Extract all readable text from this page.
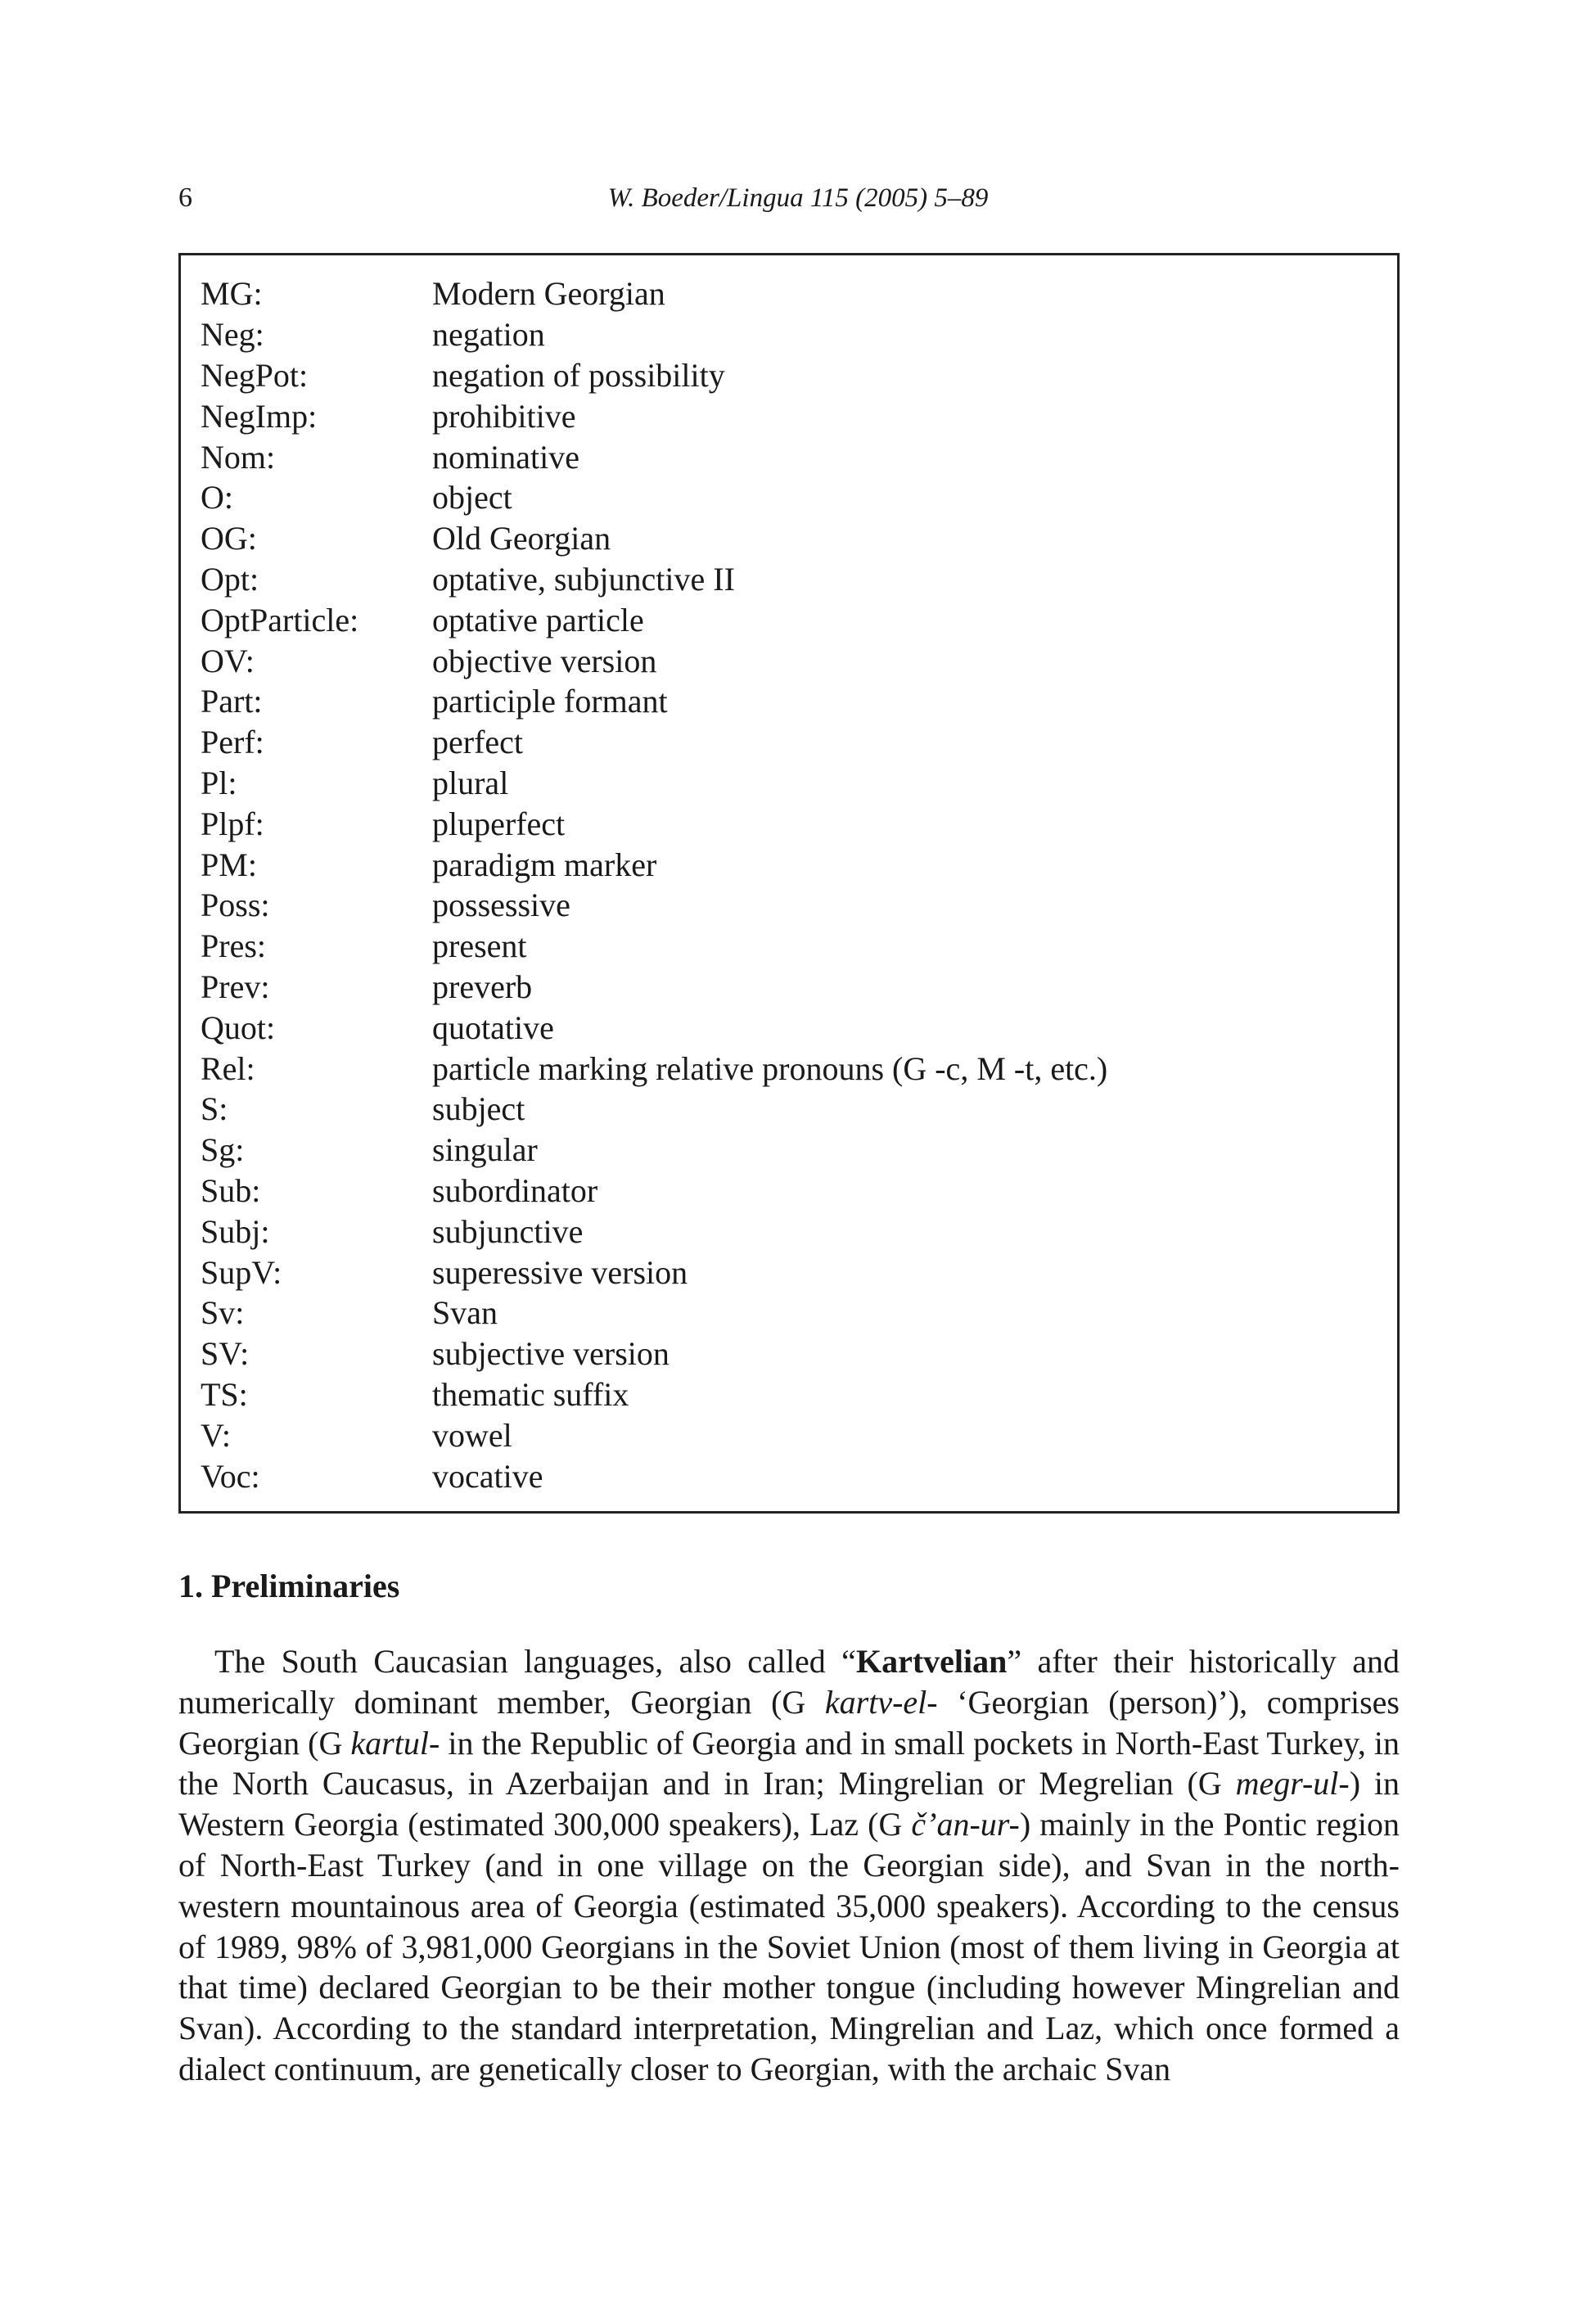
6	W. Boeder/Lingua 115 (2005) 5–89
MG:	Modern Georgian
Neg:	negation
NegPot:	negation of possibility
NegImp:	prohibitive
Nom:	nominative
O:	object
OG:	Old Georgian
Opt:	optative, subjunctive II
OptParticle:	optative particle
OV:	objective version
Part:	participle formant
Perf:	perfect
Pl:	plural
Plpf:	pluperfect
PM:	paradigm marker
Poss:	possessive
Pres:	present
Prev:	preverb
Quot:	quotative
Rel:	particle marking relative pronouns (G -c, M -t, etc.)
S:	subject
Sg:	singular
Sub:	subordinator
Subj:	subjunctive
SupV:	superessive version
Sv:	Svan
SV:	subjective version
TS:	thematic suffix
V:	vowel
Voc:	vocative
1. Preliminaries

The South Caucasian languages, also called “Kartvelian” after their historically and numerically dominant member, Georgian (G kartv-el- ‘Georgian (person)’), comprises Georgian (G kartul- in the Republic of Georgia and in small pockets in North-East Turkey, in the North Caucasus, in Azerbaijan and in Iran; Mingrelian or Megrelian (G megr-ul-) in Western Georgia (estimated 300,000 speakers), Laz (G č’an-ur-) mainly in the Pontic region of North-East Turkey (and in one village on the Georgian side), and Svan in the north-western mountainous area of Georgia (estimated 35,000 speakers). According to the census of 1989, 98% of 3,981,000 Georgians in the Soviet Union (most of them living in Georgia at that time) declared Georgian to be their mother tongue (including however Mingrelian and Svan). According to the standard interpretation, Mingrelian and Laz, which once formed a dialect continuum, are genetically closer to Georgian, with the archaic Svan
